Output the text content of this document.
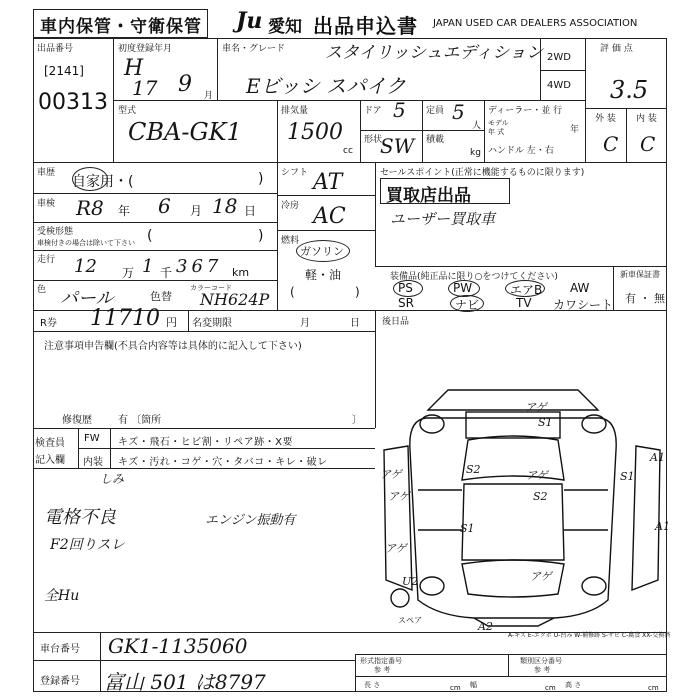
車内保管・守衛保管 Ju 愛知 出品申込書 JAPAN USED CAR DEALERS ASSOCIATION
出品番号
[2141]
00313
初度登録年月
H
17 9 月
車名・グレード スタイリッシュエディション
Eビッシ スパイク
2WD
4WD
評 価 点
3.5
外 装 内 装
C C
型式
CBA-GK1
排気量
1500
cc
ドア 5 定員 5
人
形状
SW 積載
kg
ディーラー・並 行
モデル
年 式	年
ハンドル 左・右
車歴
自家用・(	)
車検 R8 年 6 月 18 日
受検形態
車検付きの場合は除いて下さい (	)
走行 12 万 1 千 367 km
色 パール	色替
カラーコード
NH624P
シフト AT
冷房 AC
燃料
ガソリン
軽・油
(	)
セールスポイント(正常に機能するものに限ります)
買取店出品
ユーザー買取車
装備品(純正品に限り○をつけてください)
PS	PW	エアB AW
SR	ナビ	TV カワシート
新車保証書
有 ・ 無
R券 11710 円 名変期限	月	日 後日品
注意事項申告欄(不具合内容等は具体的に記入して下さい)
修復歴	有 〔箇所	〕
検査員
記入欄
FW キズ・飛石・ヒビ割・リペア跡・X要
内装 キズ・汚れ・コゲ・穴・タバコ・キレ・破レ
しみ
電格不良	エンジン振動有
F2回りスレ
全Hu
アゲ
S1
アゲ
S2
S2
アゲ
S1
アゲ
アゲ
U2
A2
A1
A1
アゲ	S1
スペア
A-キズ E-エクボ U-凹み W-補修跡 S-サビ C-腐食 XX-交換済
車台番号 GK1-1135060
登録番号 富山 501 は8797
形式指定番号
参 考
類別区分番号
参 考
長 さ	cm 幅	cm 高 さ	cm
